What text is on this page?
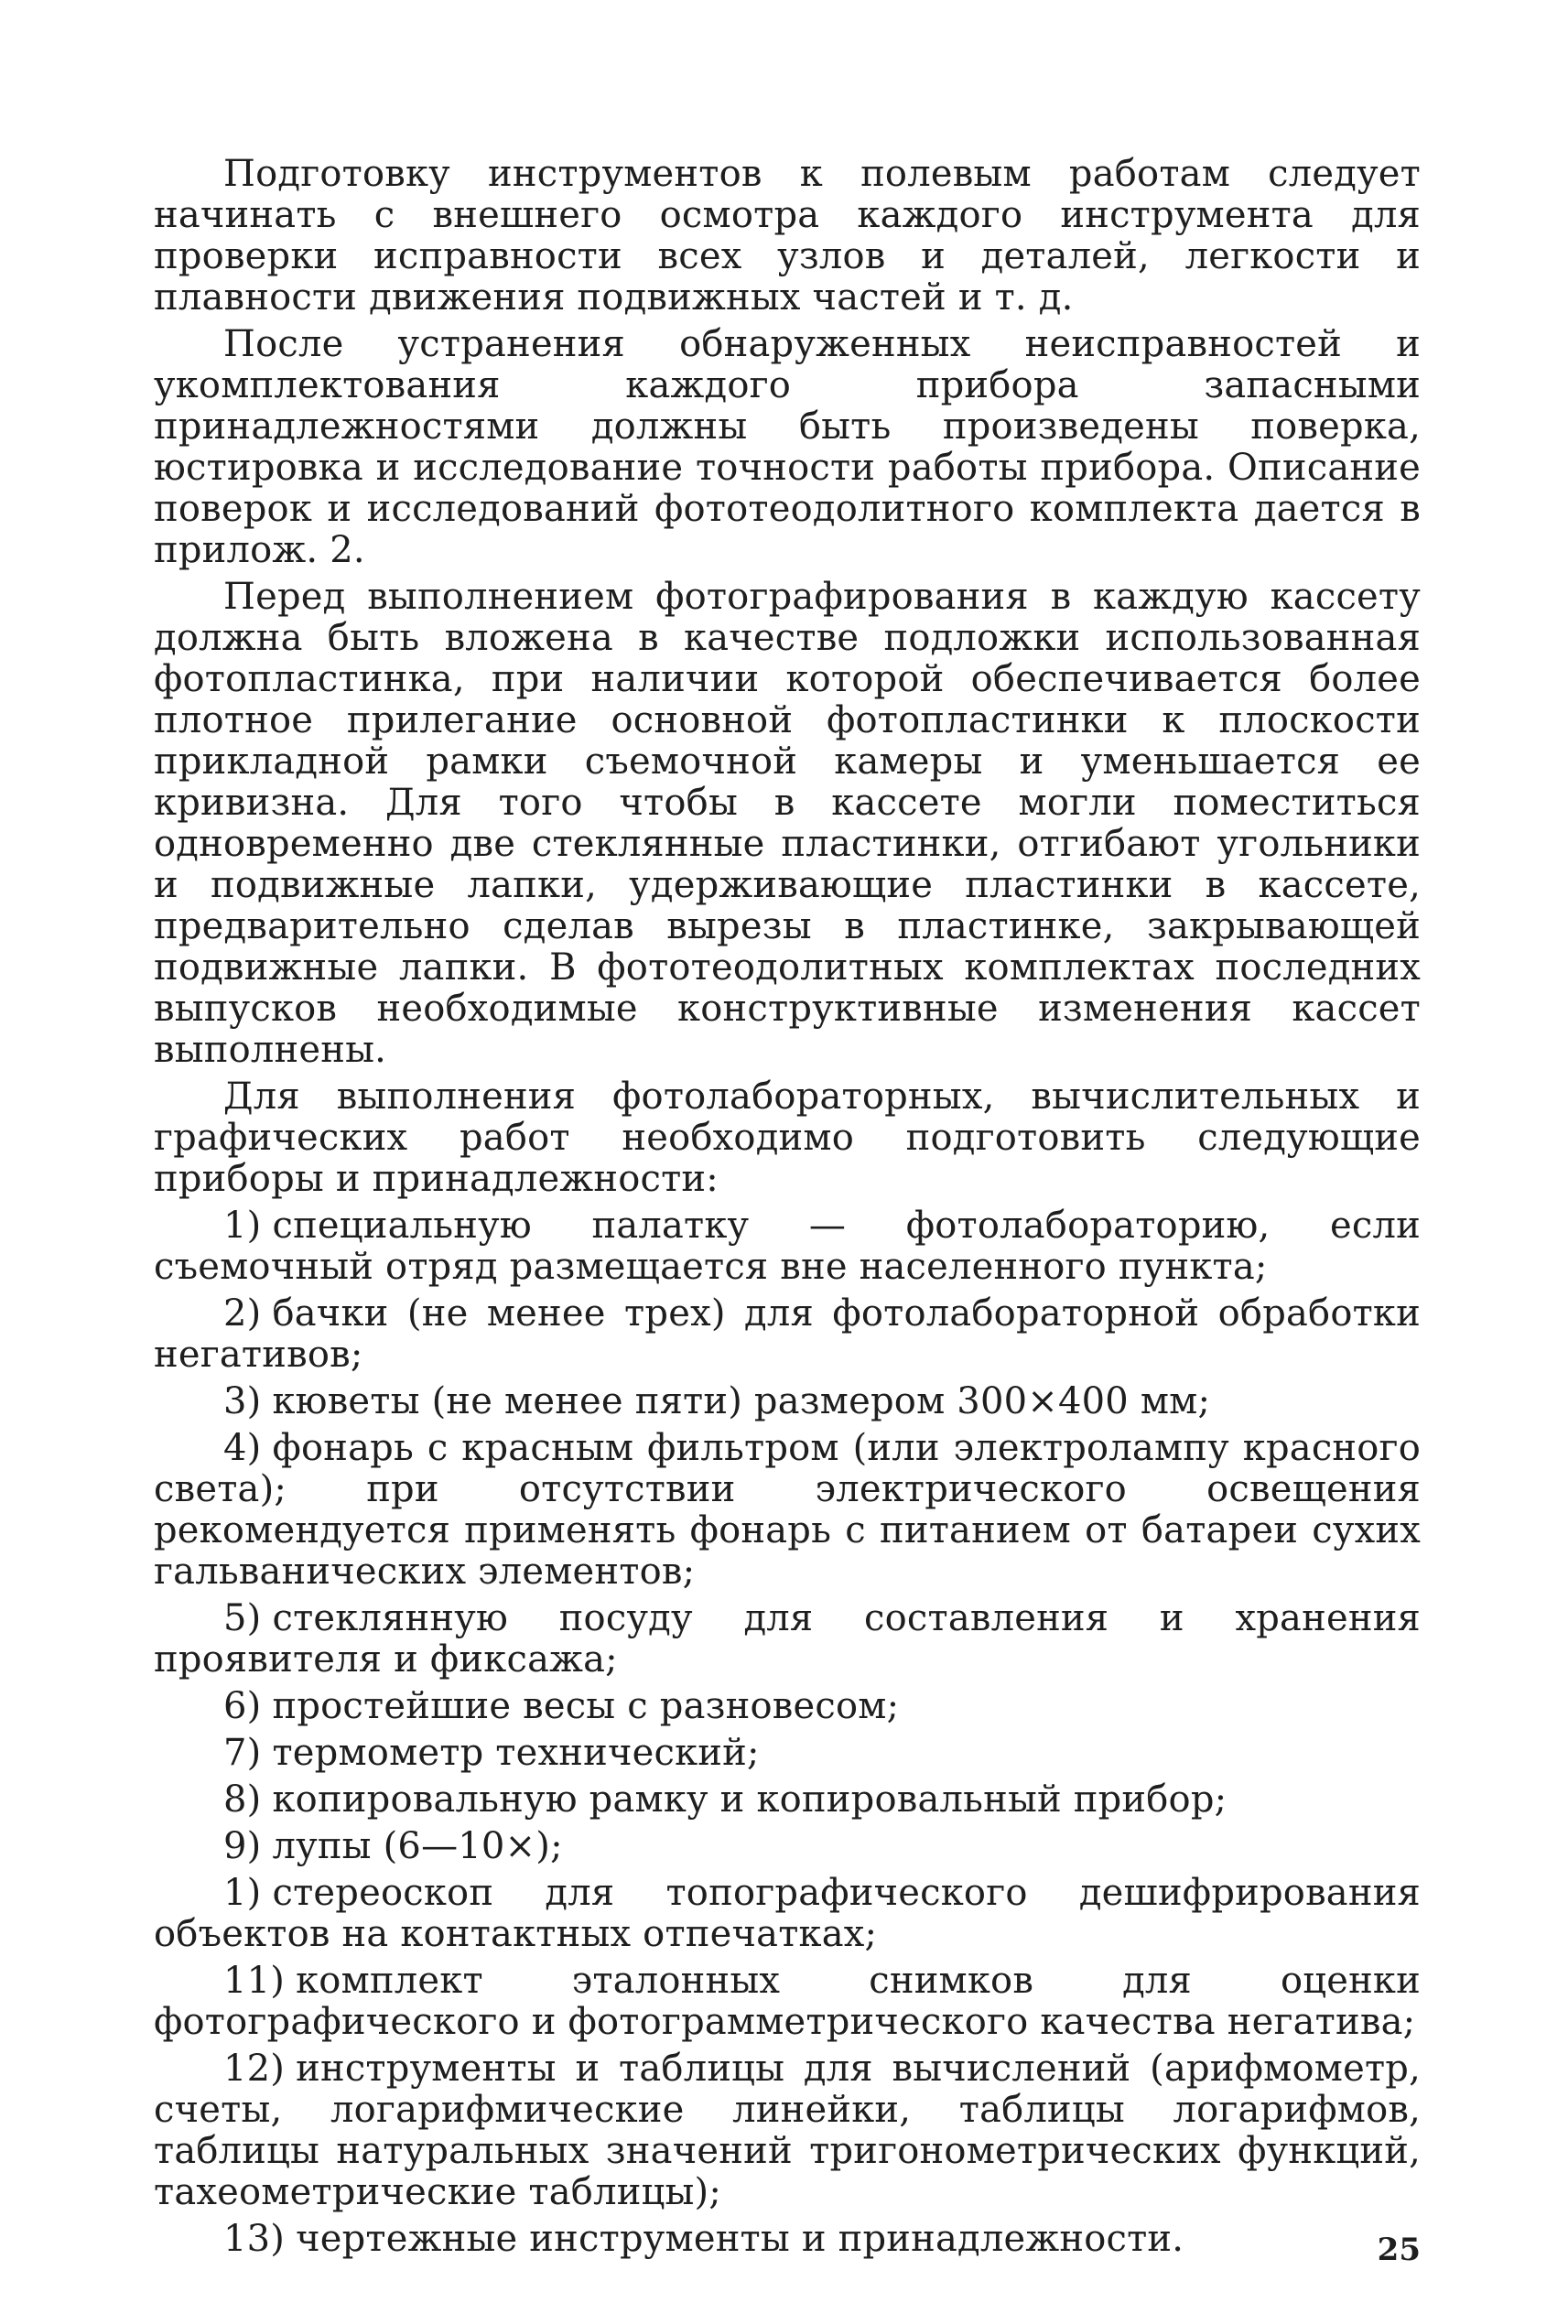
Подготовку инструментов к полевым работам следует начинать с внешнего осмотра каждого инструмента для проверки исправности всех узлов и деталей, легкости и плавности движения подвижных частей и т. д.

После устранения обнаруженных неисправностей и укомплектования каждого прибора запасными принадлежностями должны быть произведены поверка, юстировка и исследование точности работы прибора. Описание поверок и исследований фототеодолитного комплекта дается в прилож. 2.

Перед выполнением фотографирования в каждую кассету должна быть вложена в качестве подложки использованная фотопластинка, при наличии которой обеспечивается более плотное прилегание основной фотопластинки к плоскости прикладной рамки съемочной камеры и уменьшается ее кривизна. Для того чтобы в кассете могли поместиться одновременно две стеклянные пластинки, отгибают угольники и подвижные лапки, удерживающие пластинки в кассете, предварительно сделав вырезы в пластинке, закрывающей подвижные лапки. В фототеодолитных комплектах последних выпусков необходимые конструктивные изменения кассет выполнены.

Для выполнения фотолабораторных, вычислительных и графических работ необходимо подготовить следующие приборы и принадлежности:

1) специальную палатку — фотолабораторию, если съемочный отряд размещается вне населенного пункта;

2) бачки (не менее трех) для фотолабораторной обработки негативов;

3) кюветы (не менее пяти) размером 300×400 мм;

4) фонарь с красным фильтром (или электролампу красного света); при отсутствии электрического освещения рекомендуется применять фонарь с питанием от батареи сухих гальванических элементов;

5) стеклянную посуду для составления и хранения проявителя и фиксажа;

6) простейшие весы с разновесом;

7) термометр технический;

8) копировальную рамку и копировальный прибор;

9) лупы (6—10×);

1) стереоскоп для топографического дешифрирования объектов на контактных отпечатках;

11) комплект эталонных снимков для оценки фотографического и фотограмметрического качества негатива;

12) инструменты и таблицы для вычислений (арифмометр, счеты, логарифмические линейки, таблицы логарифмов, таблицы натуральных значений тригонометрических функций, тахеометрические таблицы);

13) чертежные инструменты и принадлежности.	25
